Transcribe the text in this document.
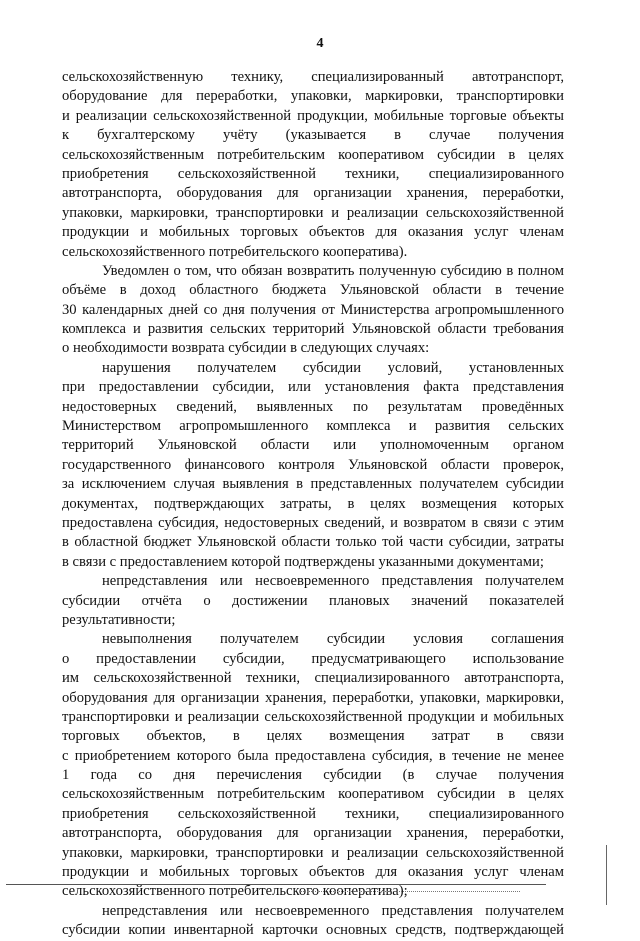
4
сельскохозяйственную технику, специализированный автотранспорт,
оборудование для переработки, упаковки, маркировки, транспортировки
и реализации сельскохозяйственной продукции, мобильные торговые объекты
к бухгалтерскому учёту (указывается в случае получения
сельскохозяйственным потребительским кооперативом субсидии в целях
приобретения сельскохозяйственной техники, специализированного
автотранспорта, оборудования для организации хранения, переработки,
упаковки, маркировки, транспортировки и реализации сельскохозяйственной
продукции и мобильных торговых объектов для оказания услуг членам
сельскохозяйственного потребительского кооператива).
Уведомлен о том, что обязан возвратить полученную субсидию в полном
объёме в доход областного бюджета Ульяновской области в течение
30 календарных дней со дня получения от Министерства агропромышленного
комплекса и развития сельских территорий Ульяновской области требования
о необходимости возврата субсидии в следующих случаях:
нарушения получателем субсидии условий, установленных
при предоставлении субсидии, или установления факта представления
недостоверных сведений, выявленных по результатам проведённых
Министерством агропромышленного комплекса и развития сельских
территорий Ульяновской области или уполномоченным органом
государственного финансового контроля Ульяновской области проверок,
за исключением случая выявления в представленных получателем субсидии
документах, подтверждающих затраты, в целях возмещения которых
предоставлена субсидия, недостоверных сведений, и возвратом в связи с этим
в областной бюджет Ульяновской области только той части субсидии, затраты
в связи с предоставлением которой подтверждены указанными документами;
непредставления или несвоевременного представления получателем
субсидии отчёта о достижении плановых значений показателей
результативности;
невыполнения получателем субсидии условия соглашения
о предоставлении субсидии, предусматривающего использование
им сельскохозяйственной техники, специализированного автотранспорта,
оборудования для организации хранения, переработки, упаковки, маркировки,
транспортировки и реализации сельскохозяйственной продукции и мобильных
торговых объектов, в целях возмещения затрат в связи
с приобретением которого была предоставлена субсидия, в течение не менее
1 года со дня перечисления субсидии (в случае получения
сельскохозяйственным потребительским кооперативом субсидии в целях
приобретения сельскохозяйственной техники, специализированного
автотранспорта, оборудования для организации хранения, переработки,
упаковки, маркировки, транспортировки и реализации сельскохозяйственной
продукции и мобильных торговых объектов для оказания услуг членам
сельскохозяйственного потребительского кооператива);
непредставления или несвоевременного представления получателем
субсидии копии инвентарной карточки основных средств, подтверждающей
